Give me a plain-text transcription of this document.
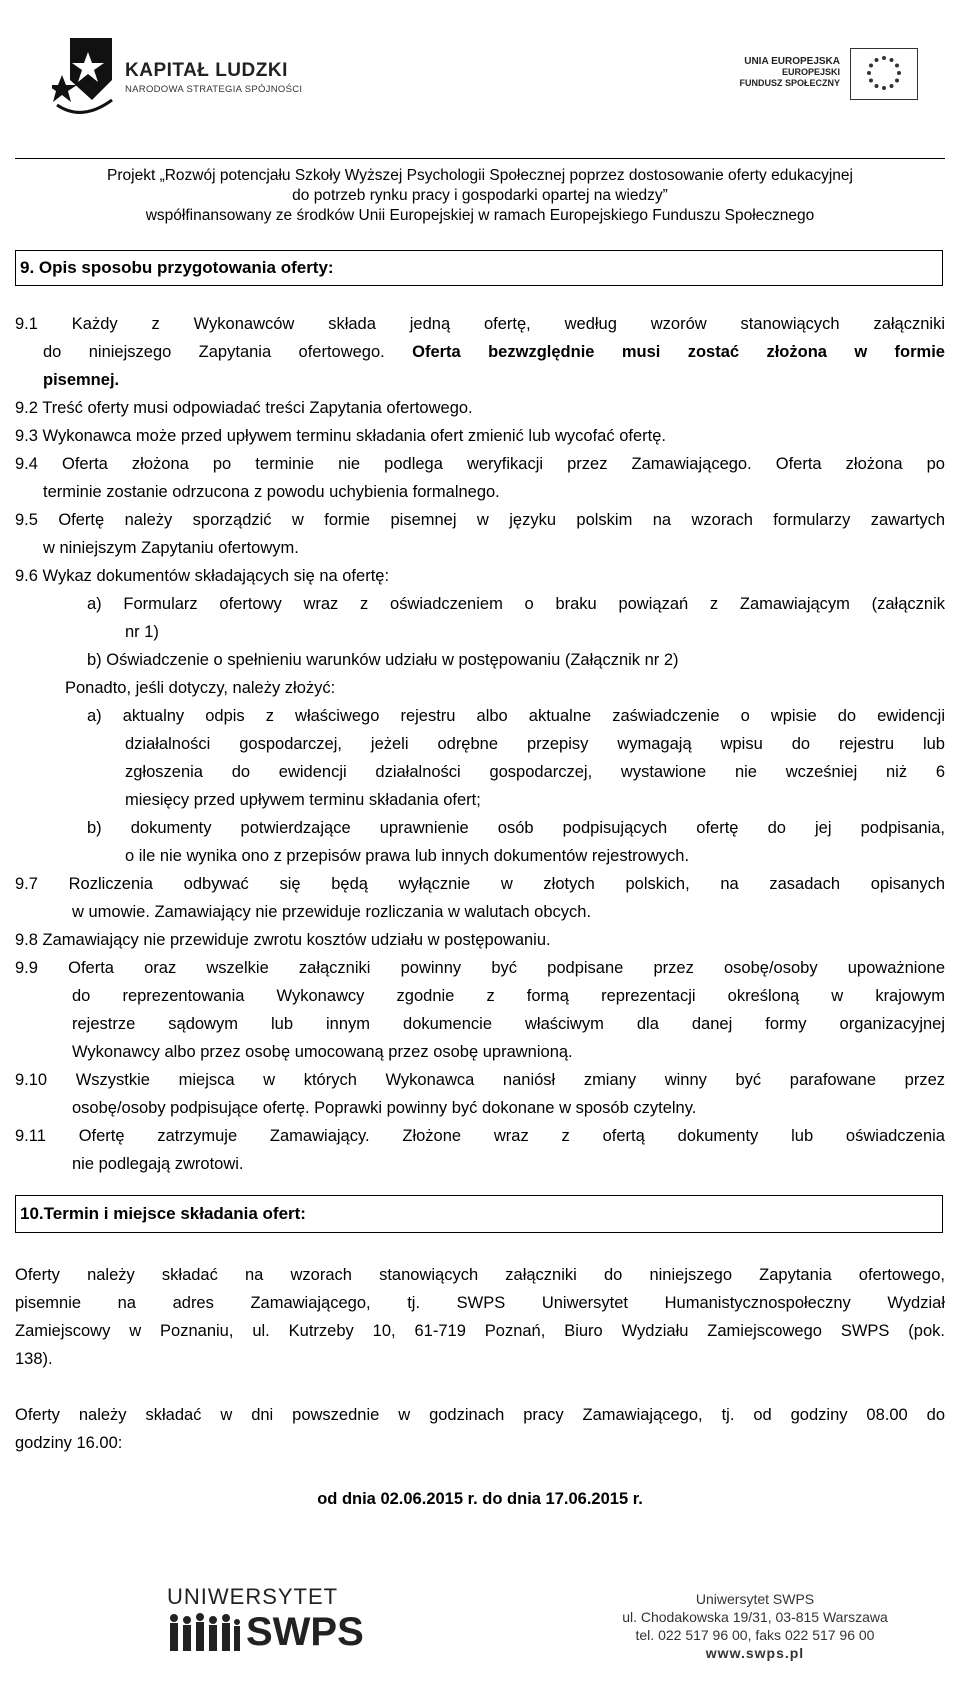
KAPITAŁ LUDZKI
NARODOWA STRATEGIA SPÓJNOŚCI
UNIA EUROPEJSKA
EUROPEJSKI
FUNDUSZ SPOŁECZNY
Projekt „Rozwój potencjału Szkoły Wyższej Psychologii Społecznej poprzez dostosowanie oferty edukacyjnej
do potrzeb rynku pracy i gospodarki opartej na wiedzy”
współfinansowany ze środków Unii Europejskiej w ramach Europejskiego Funduszu Społecznego
9. Opis sposobu przygotowania oferty:
9.1 Każdy z Wykonawców składa jedną ofertę, według wzorów stanowiących załączniki
do niniejszego Zapytania ofertowego. Oferta bezwzględnie musi zostać złożona w formie
pisemnej.
9.2 Treść oferty musi odpowiadać treści Zapytania ofertowego.
9.3 Wykonawca może przed upływem terminu składania ofert zmienić lub wycofać ofertę.
9.4 Oferta złożona po terminie nie podlega weryfikacji przez Zamawiającego. Oferta złożona po
terminie zostanie odrzucona z powodu uchybienia formalnego.
9.5 Ofertę należy sporządzić w formie pisemnej w języku polskim na wzorach formularzy zawartych
w niniejszym Zapytaniu ofertowym.
9.6 Wykaz dokumentów składających się na ofertę:
a) Formularz ofertowy wraz z oświadczeniem o braku powiązań z Zamawiającym (załącznik
nr 1)
b) Oświadczenie o spełnieniu warunków udziału w postępowaniu (Załącznik nr 2)
Ponadto, jeśli dotyczy, należy złożyć:
a) aktualny odpis z właściwego rejestru albo aktualne zaświadczenie o wpisie do ewidencji
działalności gospodarczej, jeżeli odrębne przepisy wymagają wpisu do rejestru lub
zgłoszenia do ewidencji działalności gospodarczej, wystawione nie wcześniej niż 6
miesięcy przed upływem terminu składania ofert;
b) dokumenty potwierdzające uprawnienie osób podpisujących ofertę do jej podpisania,
o ile nie wynika ono z przepisów prawa lub innych dokumentów rejestrowych.
9.7 Rozliczenia odbywać się będą wyłącznie w złotych polskich, na zasadach opisanych
w umowie. Zamawiający nie przewiduje rozliczania w walutach obcych.
9.8 Zamawiający nie przewiduje zwrotu kosztów udziału w postępowaniu.
9.9 Oferta oraz wszelkie załączniki powinny być podpisane przez osobę/osoby upoważnione
do reprezentowania Wykonawcy zgodnie z formą reprezentacji określoną w krajowym
rejestrze sądowym lub innym dokumencie właściwym dla danej formy organizacyjnej
Wykonawcy albo przez osobę umocowaną przez osobę uprawnioną.
9.10 Wszystkie miejsca w których Wykonawca naniósł zmiany winny być parafowane przez
osobę/osoby podpisujące ofertę. Poprawki powinny być dokonane w sposób czytelny.
9.11 Ofertę zatrzymuje Zamawiający. Złożone wraz z ofertą dokumenty lub oświadczenia
nie podlegają zwrotowi.
10.Termin i miejsce składania ofert:
Oferty należy składać na wzorach stanowiących załączniki do niniejszego Zapytania ofertowego,
pisemnie na adres Zamawiającego, tj. SWPS Uniwersytet Humanistycznospołeczny Wydział
Zamiejscowy w Poznaniu, ul. Kutrzeby 10, 61-719 Poznań, Biuro Wydziału Zamiejscowego SWPS (pok.
138).
Oferty należy składać w dni powszednie w godzinach pracy Zamawiającego, tj. od godziny 08.00 do
godziny 16.00:
od dnia 02.06.2015 r. do dnia 17.06.2015 r.
UNIWERSYTET
SWPS
Uniwersytet SWPS
ul. Chodakowska 19/31, 03-815 Warszawa
tel. 022 517 96 00, faks 022 517 96 00
www.swps.pl
